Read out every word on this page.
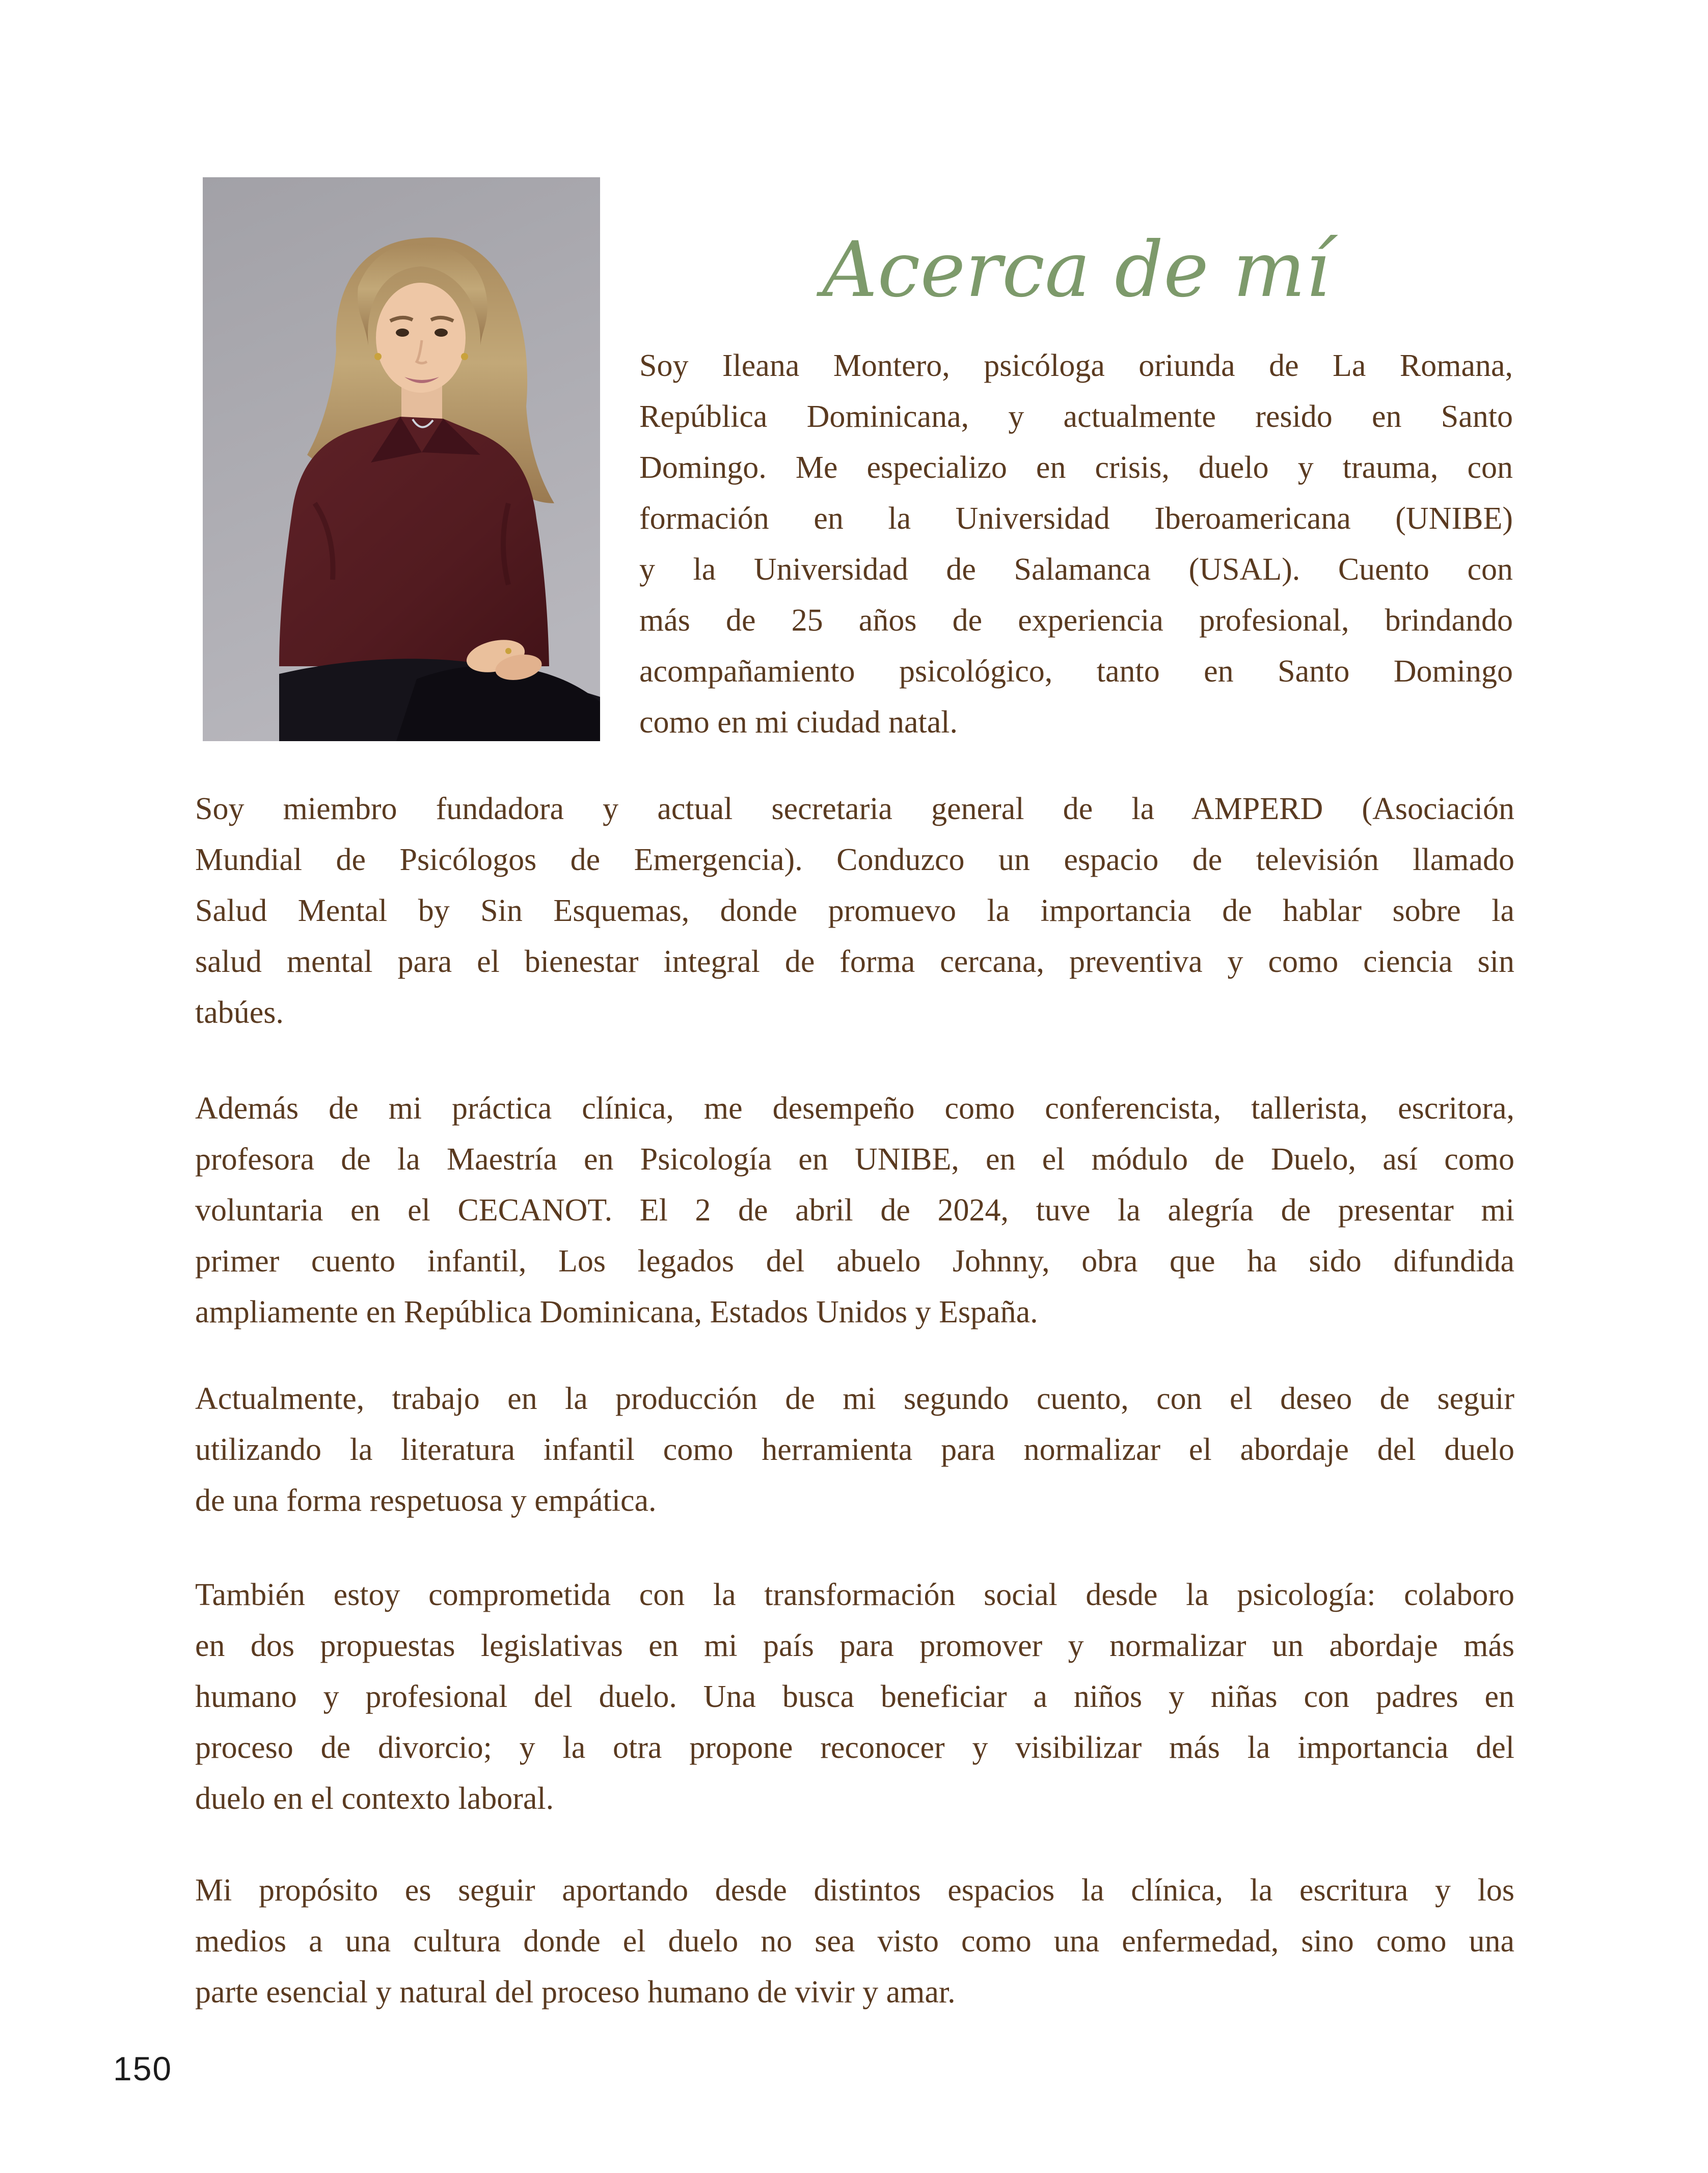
Acerca de mí
Soy Ileana Montero, psicóloga oriunda de La Romana,
República Dominicana, y actualmente resido en Santo
Domingo. Me especializo en crisis, duelo y trauma, con
formación en la Universidad Iberoamericana (UNIBE)
y la Universidad de Salamanca (USAL). Cuento con
más de 25 años de experiencia profesional, brindando
acompañamiento psicológico, tanto en Santo Domingo
como en mi ciudad natal.
Soy miembro fundadora y actual secretaria general de la AMPERD (Asociación
Mundial de Psicólogos de Emergencia). Conduzco un espacio de televisión llamado
Salud Mental by Sin Esquemas, donde promuevo la importancia de hablar sobre la
salud mental para el bienestar integral de forma cercana, preventiva y como ciencia sin
tabúes.
Además de mi práctica clínica, me desempeño como conferencista, tallerista, escritora,
profesora de la Maestría en Psicología en UNIBE, en el módulo de Duelo, así como
voluntaria en el CECANOT. El 2 de abril de 2024, tuve la alegría de presentar mi
primer cuento infantil, Los legados del abuelo Johnny, obra que ha sido difundida
ampliamente en República Dominicana, Estados Unidos y España.
Actualmente, trabajo en la producción de mi segundo cuento, con el deseo de seguir
utilizando la literatura infantil como herramienta para normalizar el abordaje del duelo
de una forma respetuosa y empática.
También estoy comprometida con la transformación social desde la psicología: colaboro
en dos propuestas legislativas en mi país para promover y normalizar un abordaje más
humano y profesional del duelo. Una busca beneficiar a niños y niñas con padres en
proceso de divorcio; y la otra propone reconocer y visibilizar más la importancia del
duelo en el contexto laboral.
Mi propósito es seguir aportando desde distintos espacios la clínica, la escritura y los
medios a una cultura donde el duelo no sea visto como una enfermedad, sino como una
parte esencial y natural del proceso humano de vivir y amar.
150
